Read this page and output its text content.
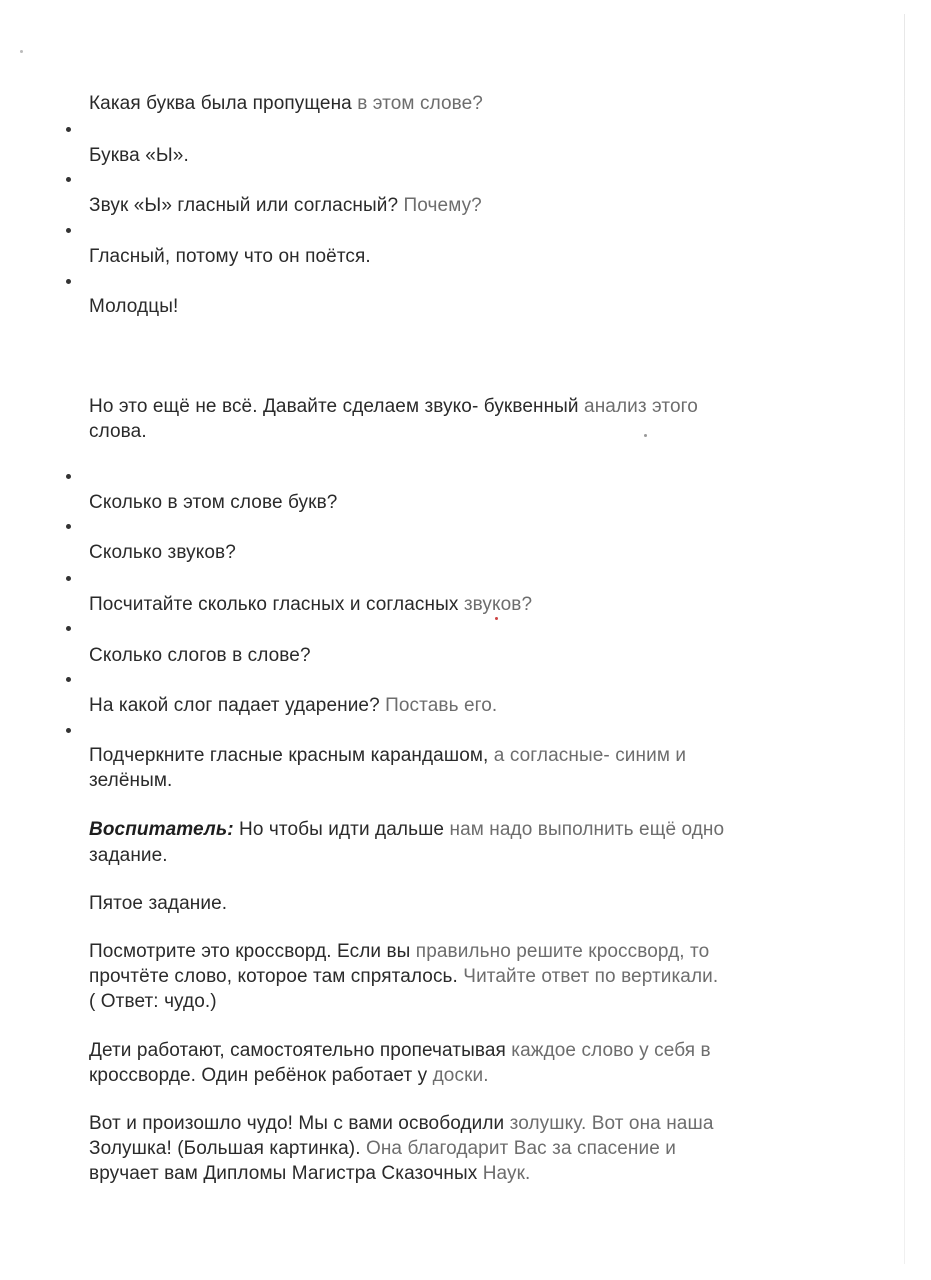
Какая буква была пропущена в этом слове?
Буква «Ы».
Звук «Ы» гласный или согласный? Почему?
Гласный, потому что он поётся.
Молодцы!
Но это ещё не всё. Давайте сделаем звуко- буквенный анализ этого
слова.
Сколько в этом слове букв?
Сколько звуков?
Посчитайте сколько гласных и согласных звуков?
Сколько слогов в слове?
На какой слог падает ударение? Поставь его.
Подчеркните гласные красным карандашом, а согласные- синим и
зелёным.
Воспитатель: Но чтобы идти дальше нам надо выполнить ещё одно
задание.
Пятое задание.
Посмотрите это кроссворд. Если вы правильно решите кроссворд, то
прочтёте слово, которое там спряталось. Читайте ответ по вертикали.
( Ответ: чудо.)
Дети работают, самостоятельно пропечатывая каждое слово у себя в
кроссворде. Один ребёнок работает у доски.
Вот и произошло чудо! Мы с вами освободили золушку. Вот она наша
Золушка! (Большая картинка). Она благодарит Вас за спасение и
вручает вам Дипломы Магистра Сказочных Наук.
